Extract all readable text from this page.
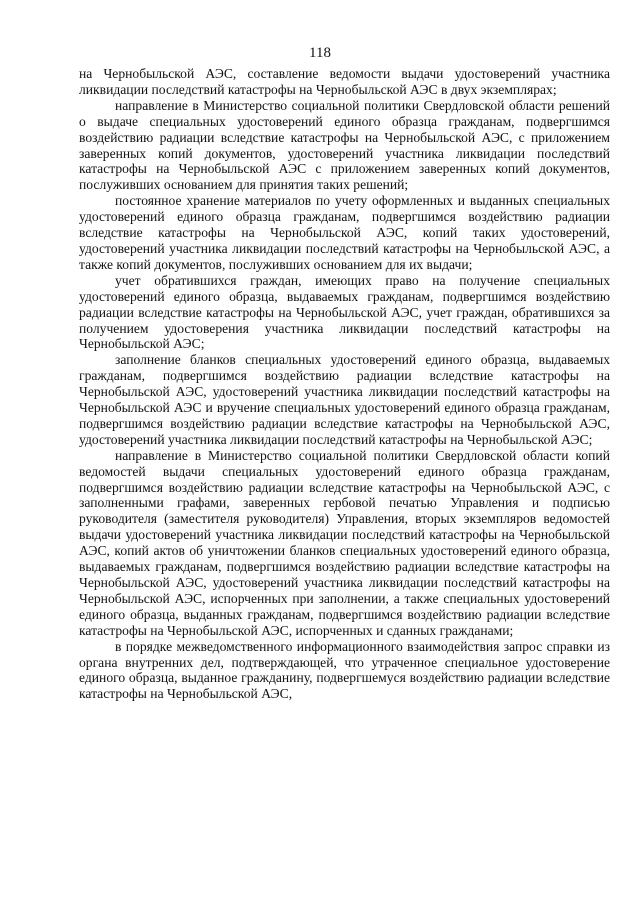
118

на Чернобыльской АЭС, составление ведомости выдачи удостоверений участника ликвидации последствий катастрофы на Чернобыльской АЭС в двух экземплярах;

направление в Министерство социальной политики Свердловской области решений о выдаче специальных удостоверений единого образца гражданам, подвергшимся воздействию радиации вследствие катастрофы на Чернобыльской АЭС, с приложением заверенных копий документов, удостоверений участника ликвидации последствий катастрофы на Чернобыльской АЭС с приложением заверенных копий документов, послуживших основанием для принятия таких решений;

постоянное хранение материалов по учету оформленных и выданных специальных удостоверений единого образца гражданам, подвергшимся воздействию радиации вследствие катастрофы на Чернобыльской АЭС, копий таких удостоверений, удостоверений участника ликвидации последствий катастрофы на Чернобыльской АЭС, а также копий документов, послуживших основанием для их выдачи;

учет обратившихся граждан, имеющих право на получение специальных удостоверений единого образца, выдаваемых гражданам, подвергшимся воздействию радиации вследствие катастрофы на Чернобыльской АЭС, учет граждан, обратившихся за получением удостоверения участника ликвидации последствий катастрофы на Чернобыльской АЭС;

заполнение бланков специальных удостоверений единого образца, выдаваемых гражданам, подвергшимся воздействию радиации вследствие катастрофы на Чернобыльской АЭС, удостоверений участника ликвидации последствий катастрофы на Чернобыльской АЭС и вручение специальных удостоверений единого образца гражданам, подвергшимся воздействию радиации вследствие катастрофы на Чернобыльской АЭС, удостоверений участника ликвидации последствий катастрофы на Чернобыльской АЭС;

направление в Министерство социальной политики Свердловской области копий ведомостей выдачи специальных удостоверений единого образца гражданам, подвергшимся воздействию радиации вследствие катастрофы на Чернобыльской АЭС, с заполненными графами, заверенных гербовой печатью Управления и подписью руководителя (заместителя руководителя) Управления, вторых экземпляров ведомостей выдачи удостоверений участника ликвидации последствий катастрофы на Чернобыльской АЭС, копий актов об уничтожении бланков специальных удостоверений единого образца, выдаваемых гражданам, подвергшимся воздействию радиации вследствие катастрофы на Чернобыльской АЭС, удостоверений участника ликвидации последствий катастрофы на Чернобыльской АЭС, испорченных при заполнении, а также специальных удостоверений единого образца, выданных гражданам, подвергшимся воздействию радиации вследствие катастрофы на Чернобыльской АЭС, испорченных и сданных гражданами;

в порядке межведомственного информационного взаимодействия запрос справки из органа внутренних дел, подтверждающей, что утраченное специальное удостоверение единого образца, выданное гражданину, подвергшемуся воздействию радиации вследствие катастрофы на Чернобыльской АЭС,
